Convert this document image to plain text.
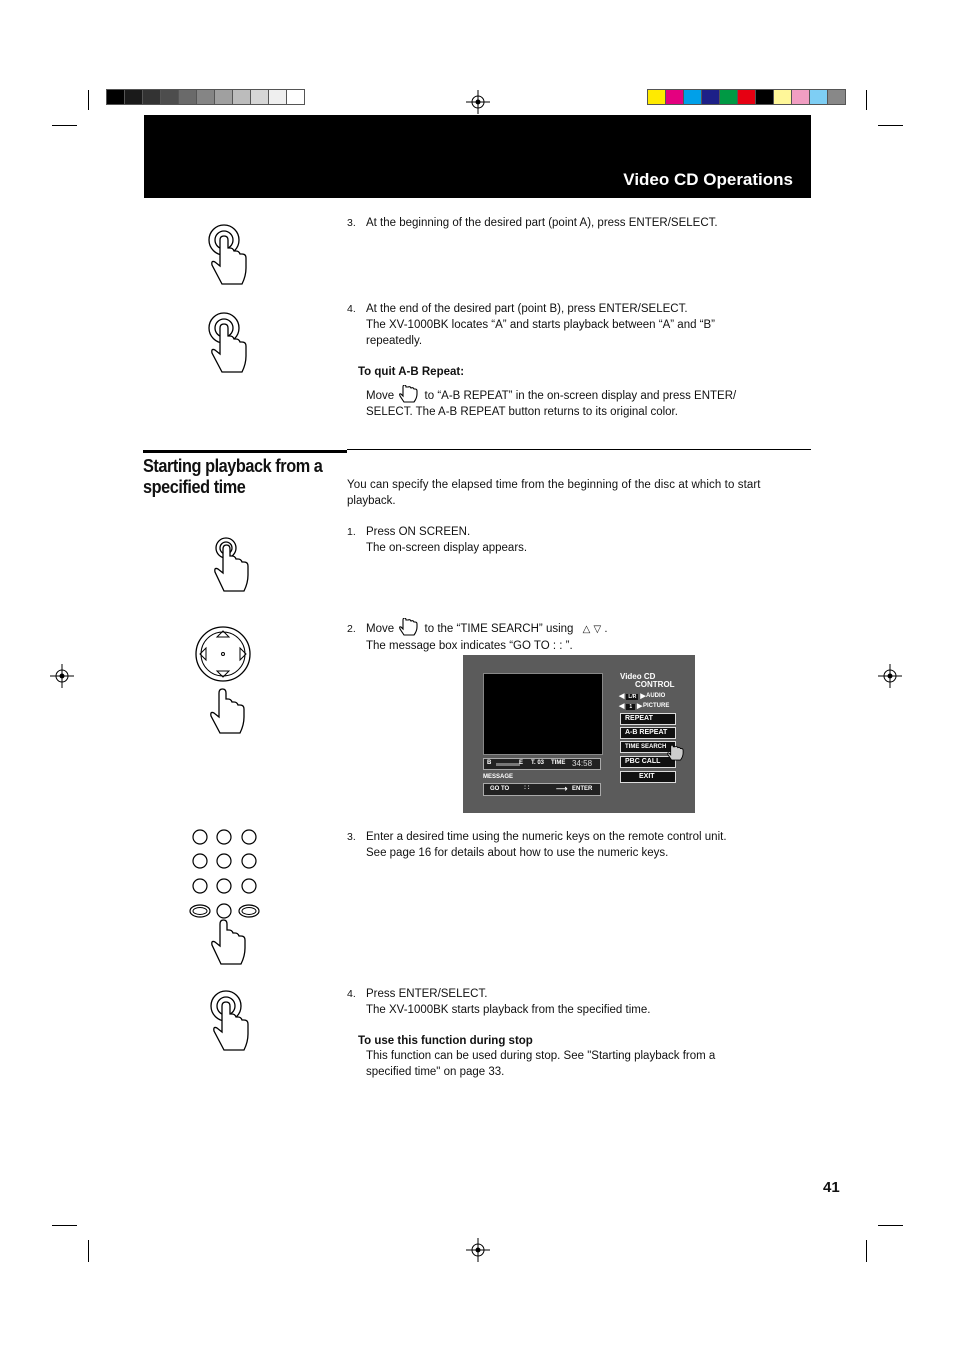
Video CD Operations
3. At the beginning of the desired part (point A), press ENTER/SELECT.
4. At the end of the desired part (point B), press ENTER/SELECT.
The XV-1000BK locates “A” and starts playback between “A” and “B”
repeatedly.
To quit A-B Repeat:
Move	to “A-B REPEAT” in the on-screen display and press ENTER/
SELECT. The A-B REPEAT button returns to its original color.
Starting playback from a
specified time	You can specify the elapsed time from the beginning of the disc at which to start
playback.
1. Press ON SCREEN.
The on-screen display appears.
2. Move	to the “TIME SEARCH” using △ ▽ .
The message box indicates “GO TO : : ”.
Video CD
CONTROL
◀ L/R ▶ AUDIO
◀ 1 ▶ PICTURE
REPEAT
A-B REPEAT
TIME SEARCH
PBC CALL
EXIT
B	E T. 03 TIME 34:58
MESSAGE
GO TO : :	⟶ ENTER
3. Enter a desired time using the numeric keys on the remote control unit.
See page 16 for details about how to use the numeric keys.
4. Press ENTER/SELECT.
The XV-1000BK starts playback from the specified time.
To use this function during stop
This function can be used during stop. See "Starting playback from a
specified time" on page 33.
41
